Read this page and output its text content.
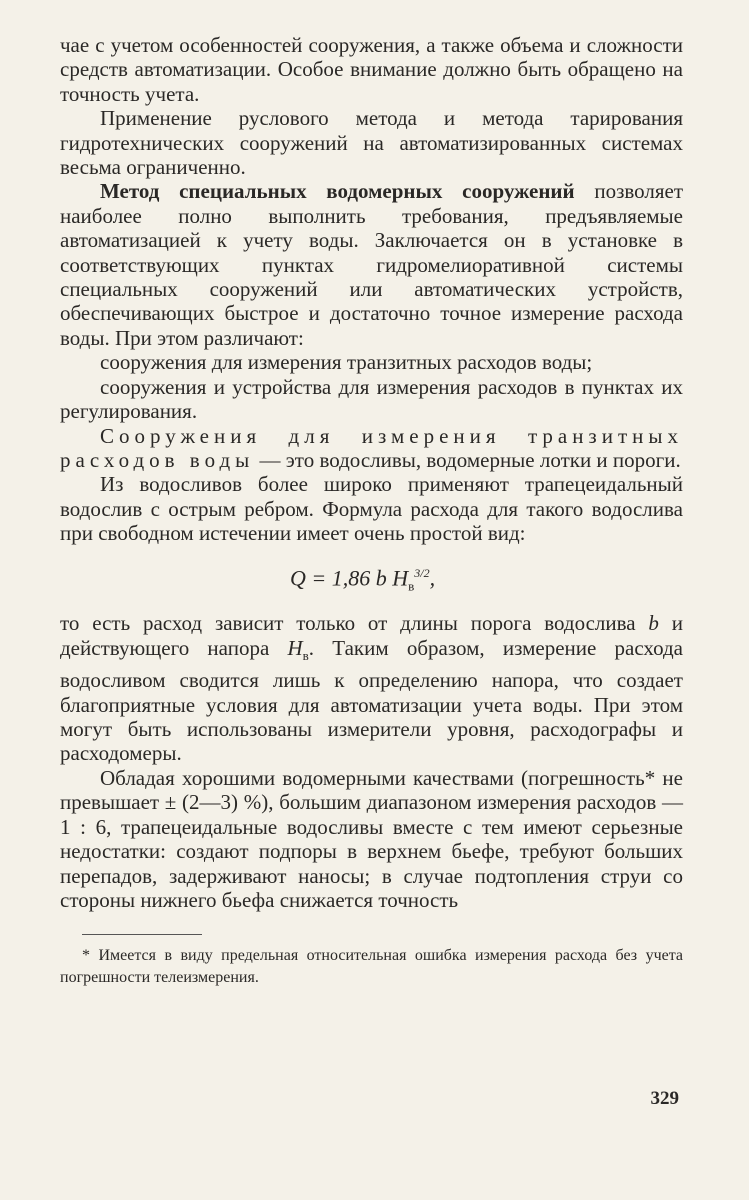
чае с учетом особенностей сооружения, а также объема и сложности средств автоматизации. Особое внимание должно быть обращено на точность учета.

Применение руслового метода и метода тарирования гидротехнических сооружений на автоматизированных системах весьма ограниченно.

Метод специальных водомерных сооружений позволяет наиболее полно выполнить требования, предъявляемые автоматизацией к учету воды. Заключается он в установке в соответствующих пунктах гидромелиоративной системы специальных сооружений или автоматических устройств, обеспечивающих быстрое и достаточно точное измерение расхода воды. При этом различают:

сооружения для измерения транзитных расходов воды;

сооружения и устройства для измерения расходов в пунктах их регулирования.

Сооружения для измерения транзитных расходов воды — это водосливы, водомерные лотки и пороги.

Из водосливов более широко применяют трапецеидальный водослив с острым ребром. Формула расхода для такого водослива при свободном истечении имеет очень простой вид:

Q = 1,86 b $H_в^{3/2}$,

то есть расход зависит только от длины порога водослива b и действующего напора $H_в$. Таким образом, измерение расхода водосливом сводится лишь к определению напора, что создает благоприятные условия для автоматизации учета воды. При этом могут быть использованы измерители уровня, расходографы и расходомеры.

Обладая хорошими водомерными качествами (погрешность* не превышает ± (2—3) %), большим диапазоном измерения расходов — 1 : 6, трапецеидальные водосливы вместе с тем имеют серьезные недостатки: создают подпоры в верхнем бьефе, требуют больших перепадов, задерживают наносы; в случае подтопления струи со стороны нижнего бьефа снижается точность

* Имеется в виду предельная относительная ошибка измерения расхода без учета погрешности телеизмерения.

329
